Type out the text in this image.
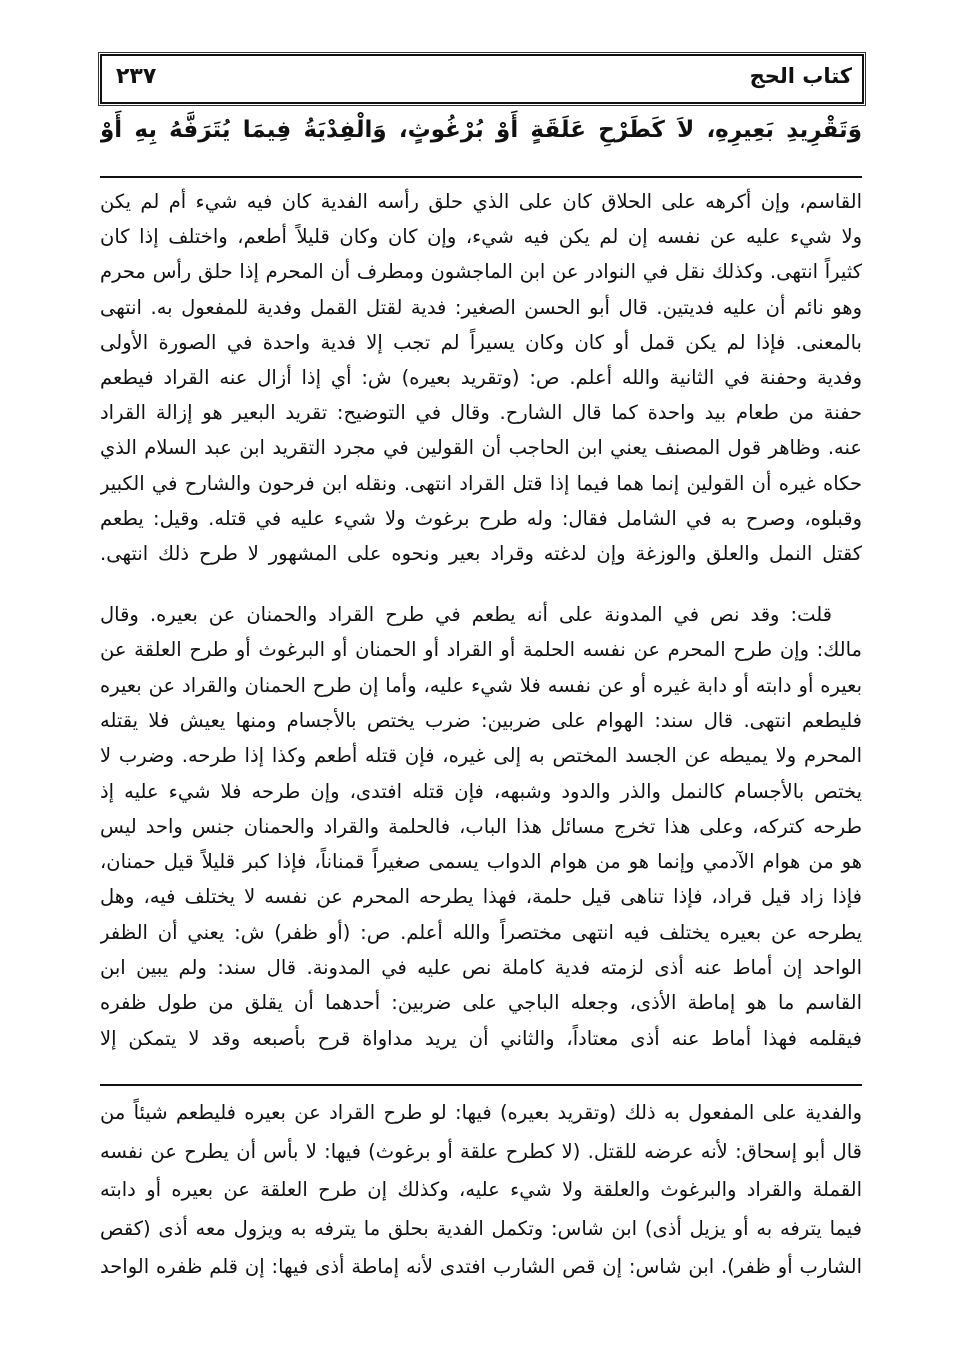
كتاب الحج
٢٣٧
وَتَقْرِيدِ بَعِيرِهِ، لاَ كَطَرْحِ عَلَقَةٍ أَوْ بُرْغُوثٍ، وَالْفِدْيَةُ فِيمَا يُتَرَفَّهُ بِهِ أَوْ
القاسم، وإن أكرهه على الحلاق كان على الذي حلق رأسه الفدية كان فيه شيء أم لم يكن
ولا شيء عليه عن نفسه إن لم يكن فيه شيء، وإن كان وكان قليلاً أطعم، واختلف إذا كان
كثيراً انتهى. وكذلك نقل في النوادر عن ابن الماجشون ومطرف أن المحرم إذا حلق رأس محرم
وهو نائم أن عليه فديتين. قال أبو الحسن الصغير: فدية لقتل القمل وفدية للمفعول به. انتهى
بالمعنى. فإذا لم يكن قمل أو كان وكان يسيراً لم تجب إلا فدية واحدة في الصورة الأولى
وفدية وحفنة في الثانية والله أعلم. ص: (وتقريد بعيره) ش: أي إذا أزال عنه القراد فيطعم
حفنة من طعام بيد واحدة كما قال الشارح. وقال في التوضيح: تقريد البعير هو إزالة القراد
عنه. وظاهر قول المصنف يعني ابن الحاجب أن القولين في مجرد التقريد ابن عبد السلام الذي
حكاه غيره أن القولين إنما هما فيما إذا قتل القراد انتهى. ونقله ابن فرحون والشارح في الكبير
وقبلوه، وصرح به في الشامل فقال: وله طرح برغوث ولا شيء عليه في قتله. وقيل: يطعم
كقتل النمل والعلق والوزغة وإن لدغته وقراد بعير ونحوه على المشهور لا طرح ذلك انتهى.
قلت: وقد نص في المدونة على أنه يطعم في طرح القراد والحمنان عن بعيره. وقال
مالك: وإن طرح المحرم عن نفسه الحلمة أو القراد أو الحمنان أو البرغوث أو طرح العلقة عن
بعيره أو دابته أو دابة غيره أو عن نفسه فلا شيء عليه، وأما إن طرح الحمنان والقراد عن بعيره
فليطعم انتهى. قال سند: الهوام على ضربين: ضرب يختص بالأجسام ومنها يعيش فلا يقتله
المحرم ولا يميطه عن الجسد المختص به إلى غيره، فإن قتله أطعم وكذا إذا طرحه. وضرب لا
يختص بالأجسام كالنمل والذر والدود وشبهه، فإن قتله افتدى، وإن طرحه فلا شيء عليه إذ
طرحه كتركه، وعلى هذا تخرج مسائل هذا الباب، فالحلمة والقراد والحمنان جنس واحد ليس
هو من هوام الآدمي وإنما هو من هوام الدواب يسمى صغيراً قمناناً، فإذا كبر قليلاً قيل حمنان،
فإذا زاد قيل قراد، فإذا تناهى قيل حلمة، فهذا يطرحه المحرم عن نفسه لا يختلف فيه، وهل
يطرحه عن بعيره يختلف فيه انتهى مختصراً والله أعلم. ص: (أو ظفر) ش: يعني أن الظفر
الواحد إن أماط عنه أذى لزمته فدية كاملة نص عليه في المدونة. قال سند: ولم يبين ابن
القاسم ما هو إماطة الأذى، وجعله الباجي على ضربين: أحدهما أن يقلق من طول ظفره
فيقلمه فهذا أماط عنه أذى معتاداً، والثاني أن يريد مداواة قرح بأصبعه وقد لا يتمكن إلا
والفدية على المفعول به ذلك (وتقريد بعيره) فيها: لو طرح القراد عن بعيره فليطعم شيئاً من
قال أبو إسحاق: لأنه عرضه للقتل. (لا كطرح علقة أو برغوث) فيها: لا بأس أن يطرح عن نفسه
القملة والقراد والبرغوث والعلقة ولا شيء عليه، وكذلك إن طرح العلقة عن بعيره أو دابته
فيما يترفه به أو يزيل أذى) ابن شاس: وتكمل الفدية بحلق ما يترفه به ويزول معه أذى (كقص
الشارب أو ظفر). ابن شاس: إن قص الشارب افتدى لأنه إماطة أذى فيها: إن قلم ظفره الواحد
